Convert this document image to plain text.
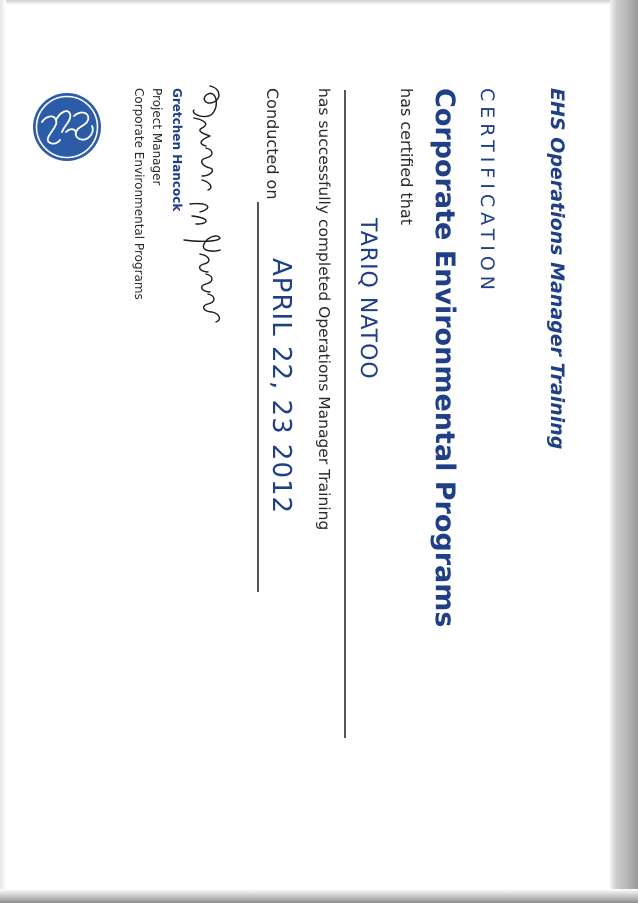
EHS Operations Manager Training
CERTIFICATION
Corporate Environmental Programs
has certified that
TARIQ NATOO
has successfully completed Operations Manager Training
Conducted on
APRIL 22, 23 2012
Gretchen Hancock
Project Manager
Corporate Environmental Programs
